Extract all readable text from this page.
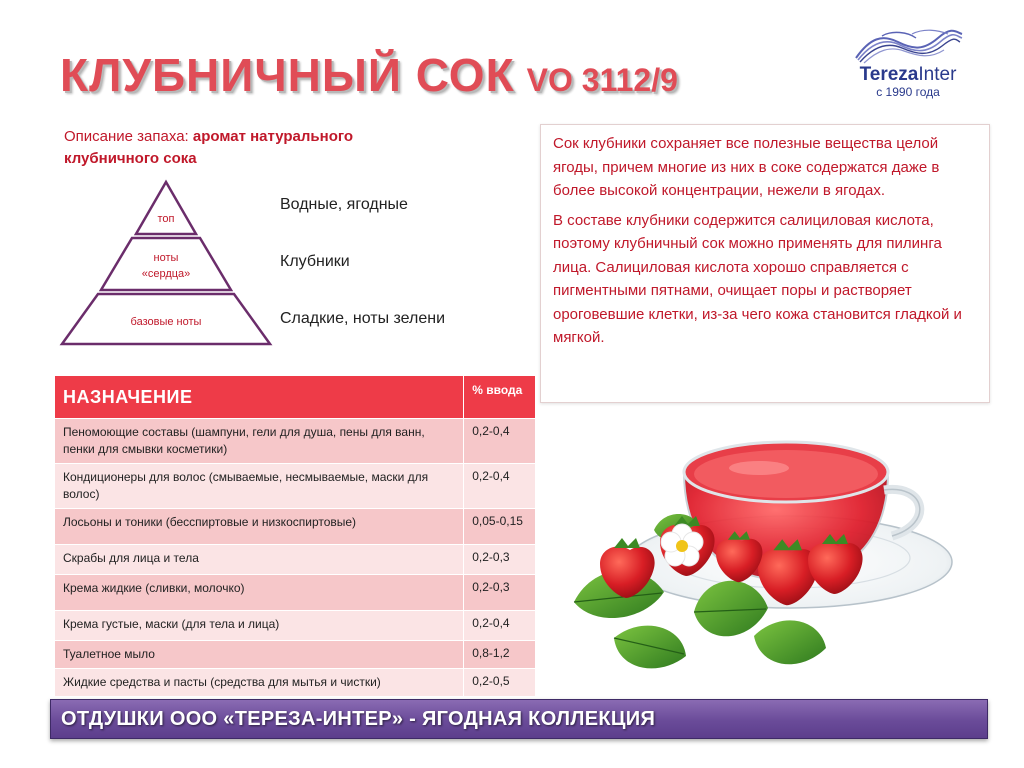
КЛУБНИЧНЫЙ СОК VO 3112/9	TerezaInter
с 1990 года
Описание запаха: аромат натурального клубничного сока
топ
ноты
«сердца»
базовые ноты
Водные, ягодные
Клубники
Сладкие, ноты зелени

Сок клубники сохраняет все полезные вещества целой ягоды, причем многие из них в соке содержатся даже в более высокой концентрации, нежели в ягодах.

В составе клубники содержится салициловая кислота, поэтому клубничный сок можно применять для пилинга лица. Салициловая кислота хорошо справляется с пигментными пятнами, очищает поры и растворяет ороговевшие клетки, из-за чего кожа становится гладкой и мягкой.

НАЗНАЧЕНИЕ	% ввода
Пеномоющие составы (шампуни, гели для душа, пены для ванн, пенки для смывки косметики)	0,2-0,4
Кондиционеры для волос (смываемые, несмываемые, маски для волос)	0,2-0,4
Лосьоны и тоники (бесспиртовые и низкоспиртовые)	0,05-0,15
Скрабы для лица и тела	0,2-0,3
Крема жидкие (сливки, молочко)	0,2-0,3
Крема густые, маски (для тела и лица)	0,2-0,4
Туалетное мыло	0,8-1,2
Жидкие средства и пасты (средства для мытья и чистки)	0,2-0,5
ОТДУШКИ ООО «ТЕРЕЗА-ИНТЕР» - ЯГОДНАЯ КОЛЛЕКЦИЯ
